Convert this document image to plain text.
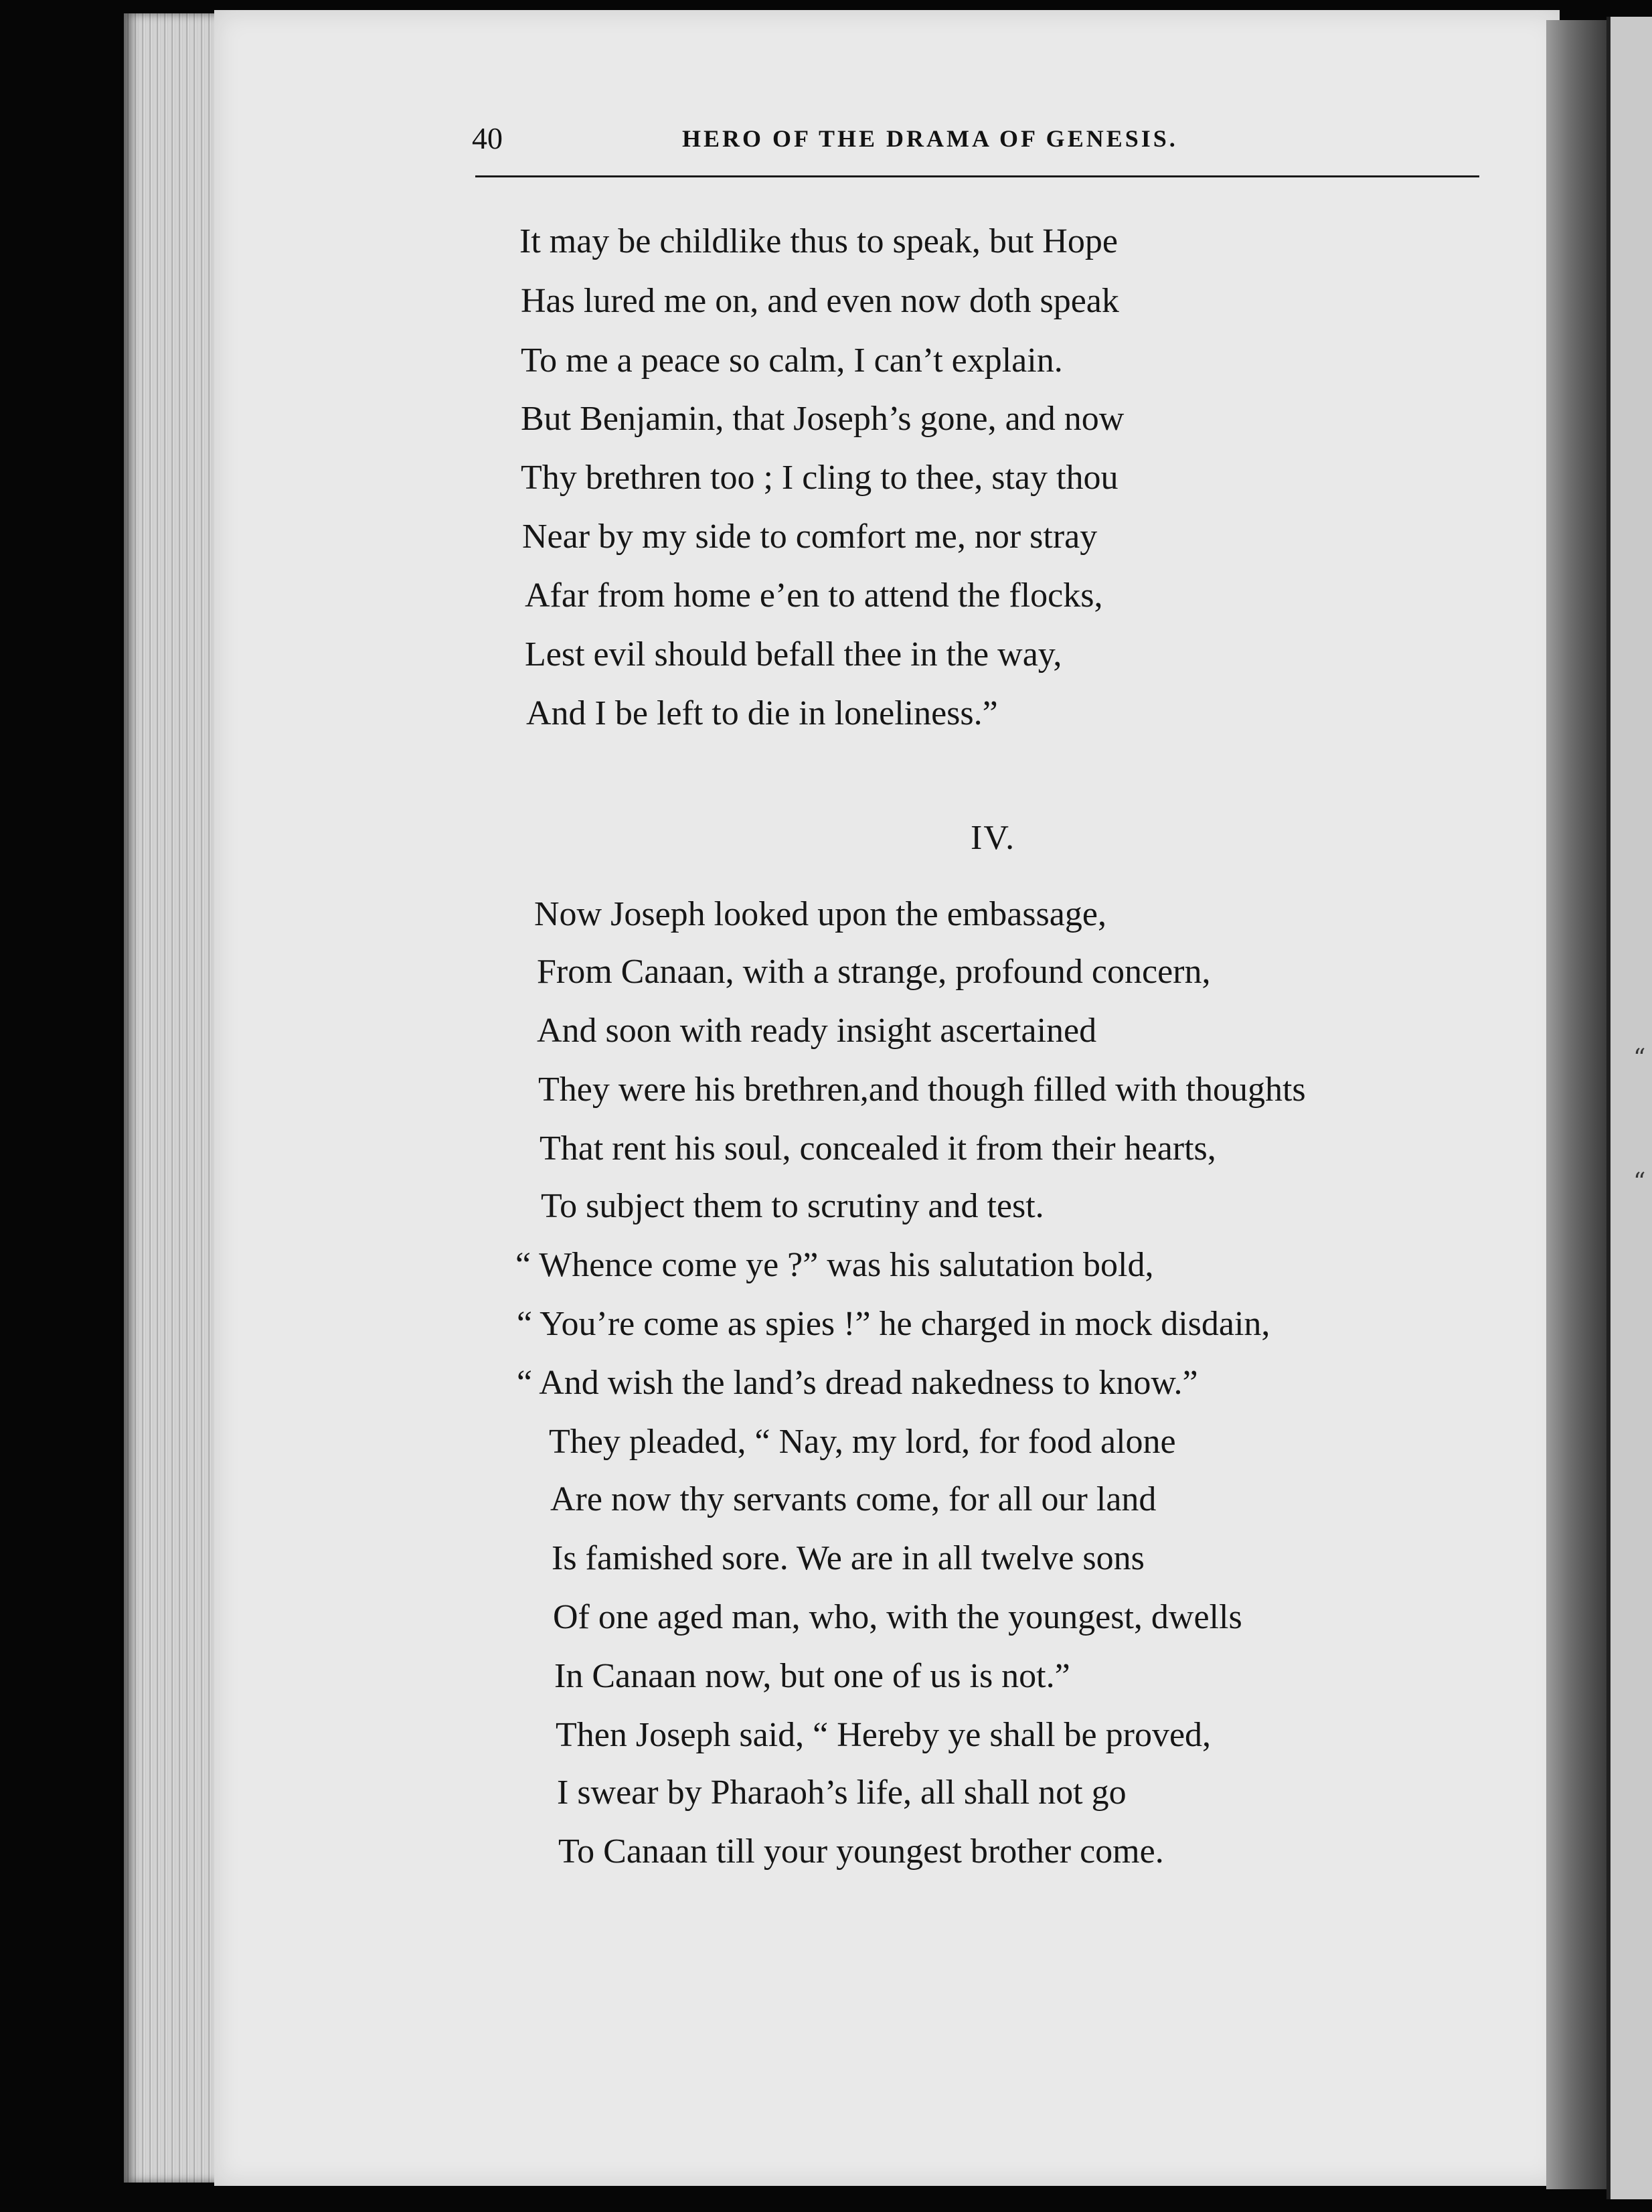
“
“
40	HERO OF THE DRAMA OF GENESIS.
It may be childlike thus to speak, but Hope
Has lured me on, and even now doth speak
To me a peace so calm, I can’t explain.
But Benjamin, that Joseph’s gone, and now
Thy brethren too ; I cling to thee, stay thou
Near by my side to comfort me, nor stray
Afar from home e’en to attend the flocks,
Lest evil should befall thee in the way,
And I be left to die in loneliness.”
IV.
Now Joseph looked upon the embassage,
From Canaan, with a strange, profound concern,
And soon with ready insight ascertained
They were his brethren,and though filled with thoughts
That rent his soul, concealed it from their hearts,
To subject them to scrutiny and test.
“ Whence come ye ?” was his salutation bold,
“ You’re come as spies !” he charged in mock disdain,
“ And wish the land’s dread nakedness to know.”
They pleaded, “ Nay, my lord, for food alone
Are now thy servants come, for all our land
Is famished sore. We are in all twelve sons
Of one aged man, who, with the youngest, dwells
In Canaan now, but one of us is not.”
Then Joseph said, “ Hereby ye shall be proved,
I swear by Pharaoh’s life, all shall not go
To Canaan till your youngest brother come.
